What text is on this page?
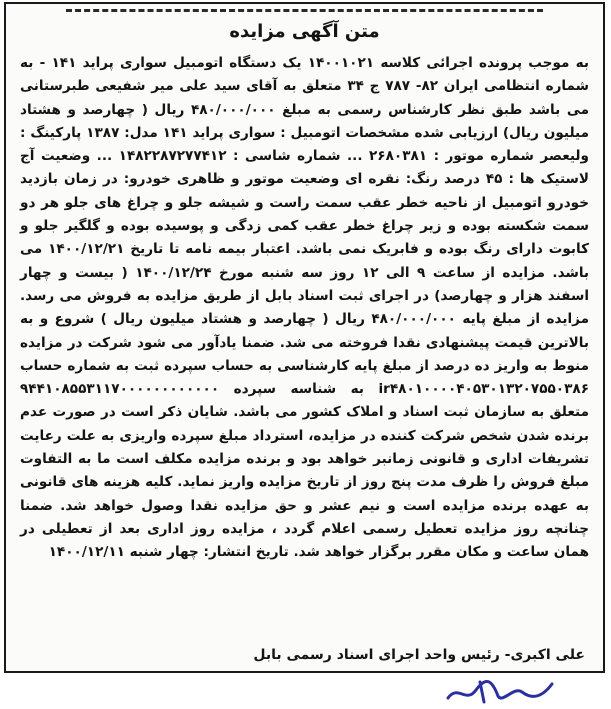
متن آگهی مزایده
به موجب پرونده اجرائی کلاسه ۱۴۰۰۱۰۲۱ یک دستگاه اتومبیل سواری پراید ۱۴۱ - به شماره انتظامی ایران ۸۲- ۷۸۷ ج ۳۴ متعلق به آقای سید علی میر شفیعی طبرستانی می باشد طبق نظر کارشناس رسمی به مبلغ ۴۸۰/۰۰۰/۰۰۰ ریال ( چهارصد و هشتاد میلیون ریال) ارزیابی شده مشخصات اتومبیل : سواری پراید ۱۴۱ مدل: ۱۳۸۷ پارکینگ : ولیعصر شماره موتور : ۲۶۸۰۳۸۱ ... شماره شاسی : ۱۴۸۲۲۸۷۲۷۷۴۱۲ ... وضعیت آج لاستیک ها : ۴۵ درصد رنگ: نقره ای وضعیت موتور و ظاهری خودرو: در زمان بازدید خودرو اتومبیل از ناحیه خطر عقب سمت راست و شیشه جلو و چراغ های جلو هر دو سمت شکسته بوده و زیر چراغ خطر عقب کمی زدگی و پوسیده بوده و گلگیر جلو و کابوت دارای رنگ بوده و فابریک نمی باشد. اعتبار بیمه نامه تا تاریخ ۱۴۰۰/۱۲/۲۱ می باشد. مزایده از ساعت ۹ الی ۱۲ روز سه شنبه مورخ ۱۴۰۰/۱۲/۲۴ ( بیست و چهار اسفند هزار و چهارصد) در اجرای ثبت اسناد بابل از طریق مزایده به فروش می رسد. مزایده از مبلغ پایه ۴۸۰/۰۰۰/۰۰۰ ریال ( چهارصد و هشتاد میلیون ریال ) شروع و به بالاترین قیمت پیشنهادی نقدا فروخته می شد. ضمنا یادآور می شود شرکت در مزایده منوط به واریز ده درصد از مبلغ پایه کارشناسی به حساب سپرده ثبت به شماره حساب ir۴۸۰۱۰۰۰۰۴۰۵۳۰۱۳۲۰۷۵۵۰۳۸۶ به شناسه سپرده ۹۴۴۱۰۸۵۵۳۱۱۷۰۰۰۰۰۰۰۰۰۰۰۰ متعلق به سازمان ثبت اسناد و املاک کشور می باشد. شایان ذکر است در صورت عدم برنده شدن شخص شرکت کننده در مزایده، استرداد مبلغ سپرده واریزی به علت رعایت تشریفات اداری و قانونی زمانبر خواهد بود و برنده مزایده مکلف است ما به التفاوت مبلغ فروش را ظرف مدت پنج روز از تاریخ مزایده واریز نماید. کلیه هزینه های قانونی به عهده برنده مزایده است و نیم عشر و حق مزایده نقدا وصول خواهد شد. ضمنا چنانچه روز مزایده تعطیل رسمی اعلام گردد ، مزایده روز اداری بعد از تعطیلی در همان ساعت و مکان مقرر برگزار خواهد شد. تاریخ انتشار: چهار شنبه ۱۴۰۰/۱۲/۱۱
علی اکبری- رئیس واحد اجرای اسناد رسمی بابل
